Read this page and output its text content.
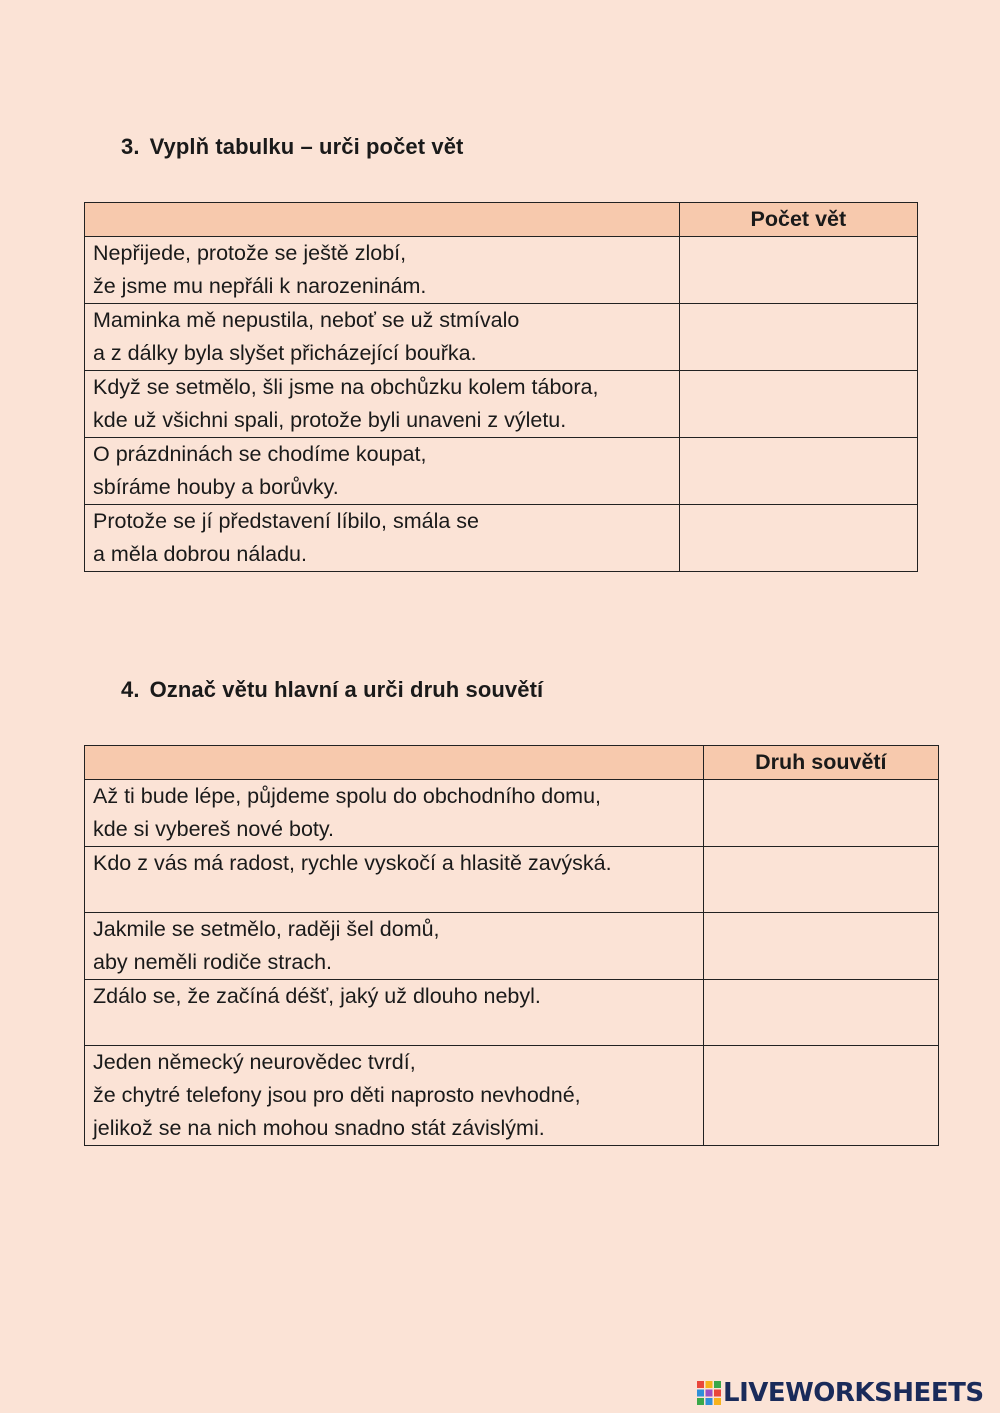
3. Vyplň tabulku – urči počet vět
	Počet vět

Nepřijede, protože se ještě zlobí,
že jsme mu nepřáli k narozeninám.	

Maminka mě nepustila, neboť se už stmívalo
a z dálky byla slyšet přicházející bouřka.	

Když se setmělo, šli jsme na obchůzku kolem tábora,
kde už všichni spali, protože byli unaveni z výletu.	

O prázdninách se chodíme koupat,
sbíráme houby a borůvky.	

Protože se jí představení líbilo, smála se
a měla dobrou náladu.	

4. Označ větu hlavní a urči druh souvětí
	Druh souvětí

Až ti bude lépe, půjdeme spolu do obchodního domu,
kde si vybereš nové boty.	

Kdo z vás má radost, rychle vyskočí a hlasitě zavýská.	

Jakmile se setmělo, raději šel domů,
aby neměli rodiče strach.	

Zdálo se, že začíná déšť, jaký už dlouho nebyl.	

Jeden německý neurovědec tvrdí,
že chytré telefony jsou pro děti naprosto nevhodné,
jelikož se na nich mohou snadno stát závislými.	

LIVEWORKSHEETS
